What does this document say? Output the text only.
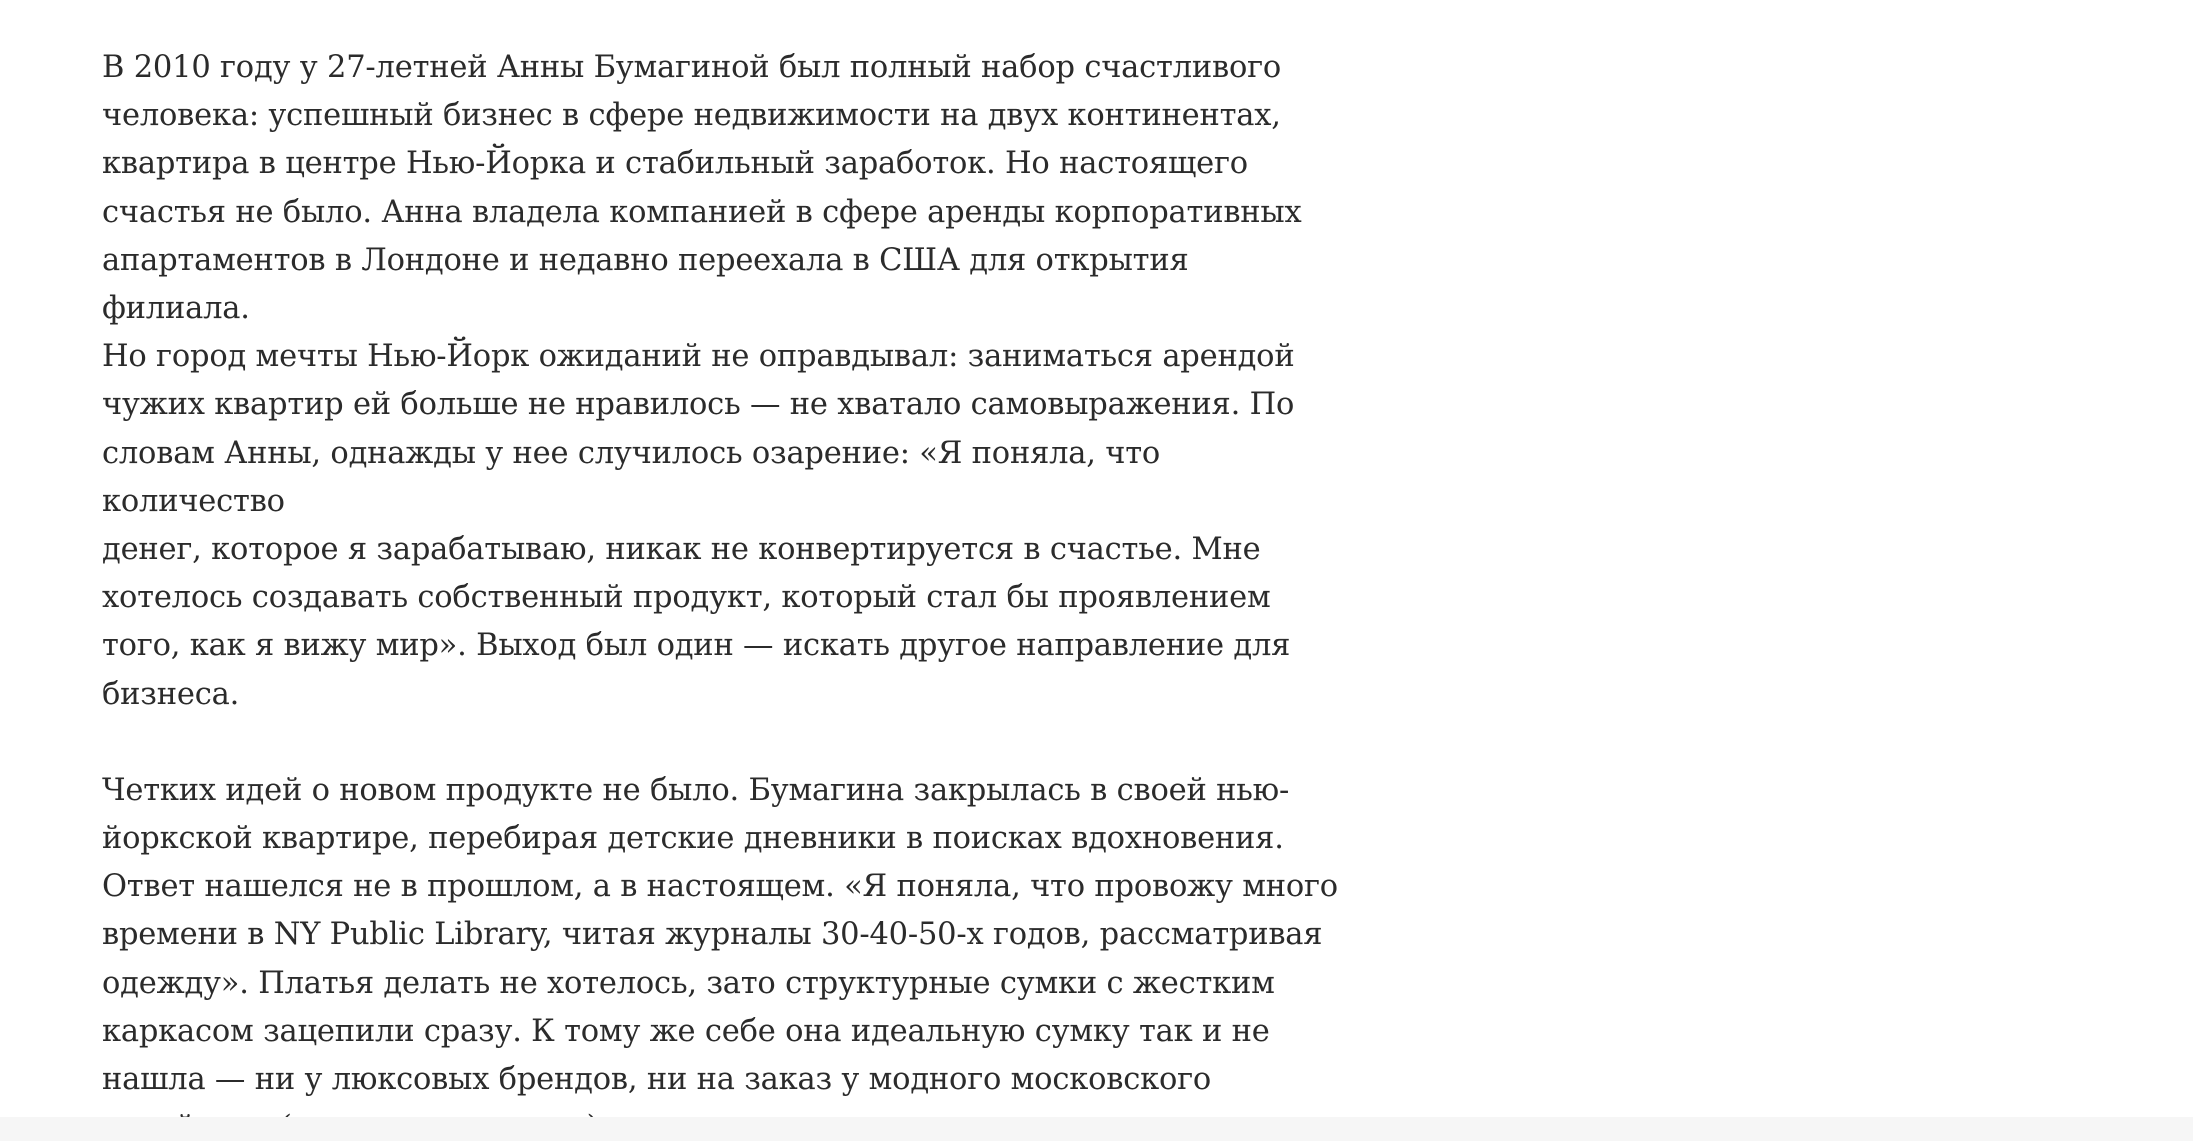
В 2010 году у 27-летней Анны Бумагиной был полный набор счастливого
человека: успешный бизнес в сфере недвижимости на двух континентах,
квартира в центре Нью-Йорка и стабильный заработок. Но настоящего
счастья не было. Анна владела компанией в сфере аренды корпоративных
апартаментов в Лондоне и недавно переехала в США для открытия филиала.
Но город мечты Нью-Йорк ожиданий не оправдывал: заниматься арендой
чужих квартир ей больше не нравилось — не хватало самовыражения. По
словам Анны, однажды у нее случилось озарение: «Я поняла, что количество
денег, которое я зарабатываю, никак не конвертируется в счастье. Мне
хотелось создавать собственный продукт, который стал бы проявлением
того, как я вижу мир». Выход был один — искать другое направление для
бизнеса.

Четких идей о новом продукте не было. Бумагина закрылась в своей нью-
йоркской квартире, перебирая детские дневники в поисках вдохновения.
Ответ нашелся не в прошлом, а в настоящем. «Я поняла, что провожу много
времени в NY Public Library, читая журналы 30-40-50-х годов, рассматривая
одежду». Платья делать не хотелось, зато структурные сумки с жестким
каркасом зацепили сразу. К тому же себе она идеальную сумку так и не
нашла — ни у люксовых брендов, ни на заказ у модного московского
